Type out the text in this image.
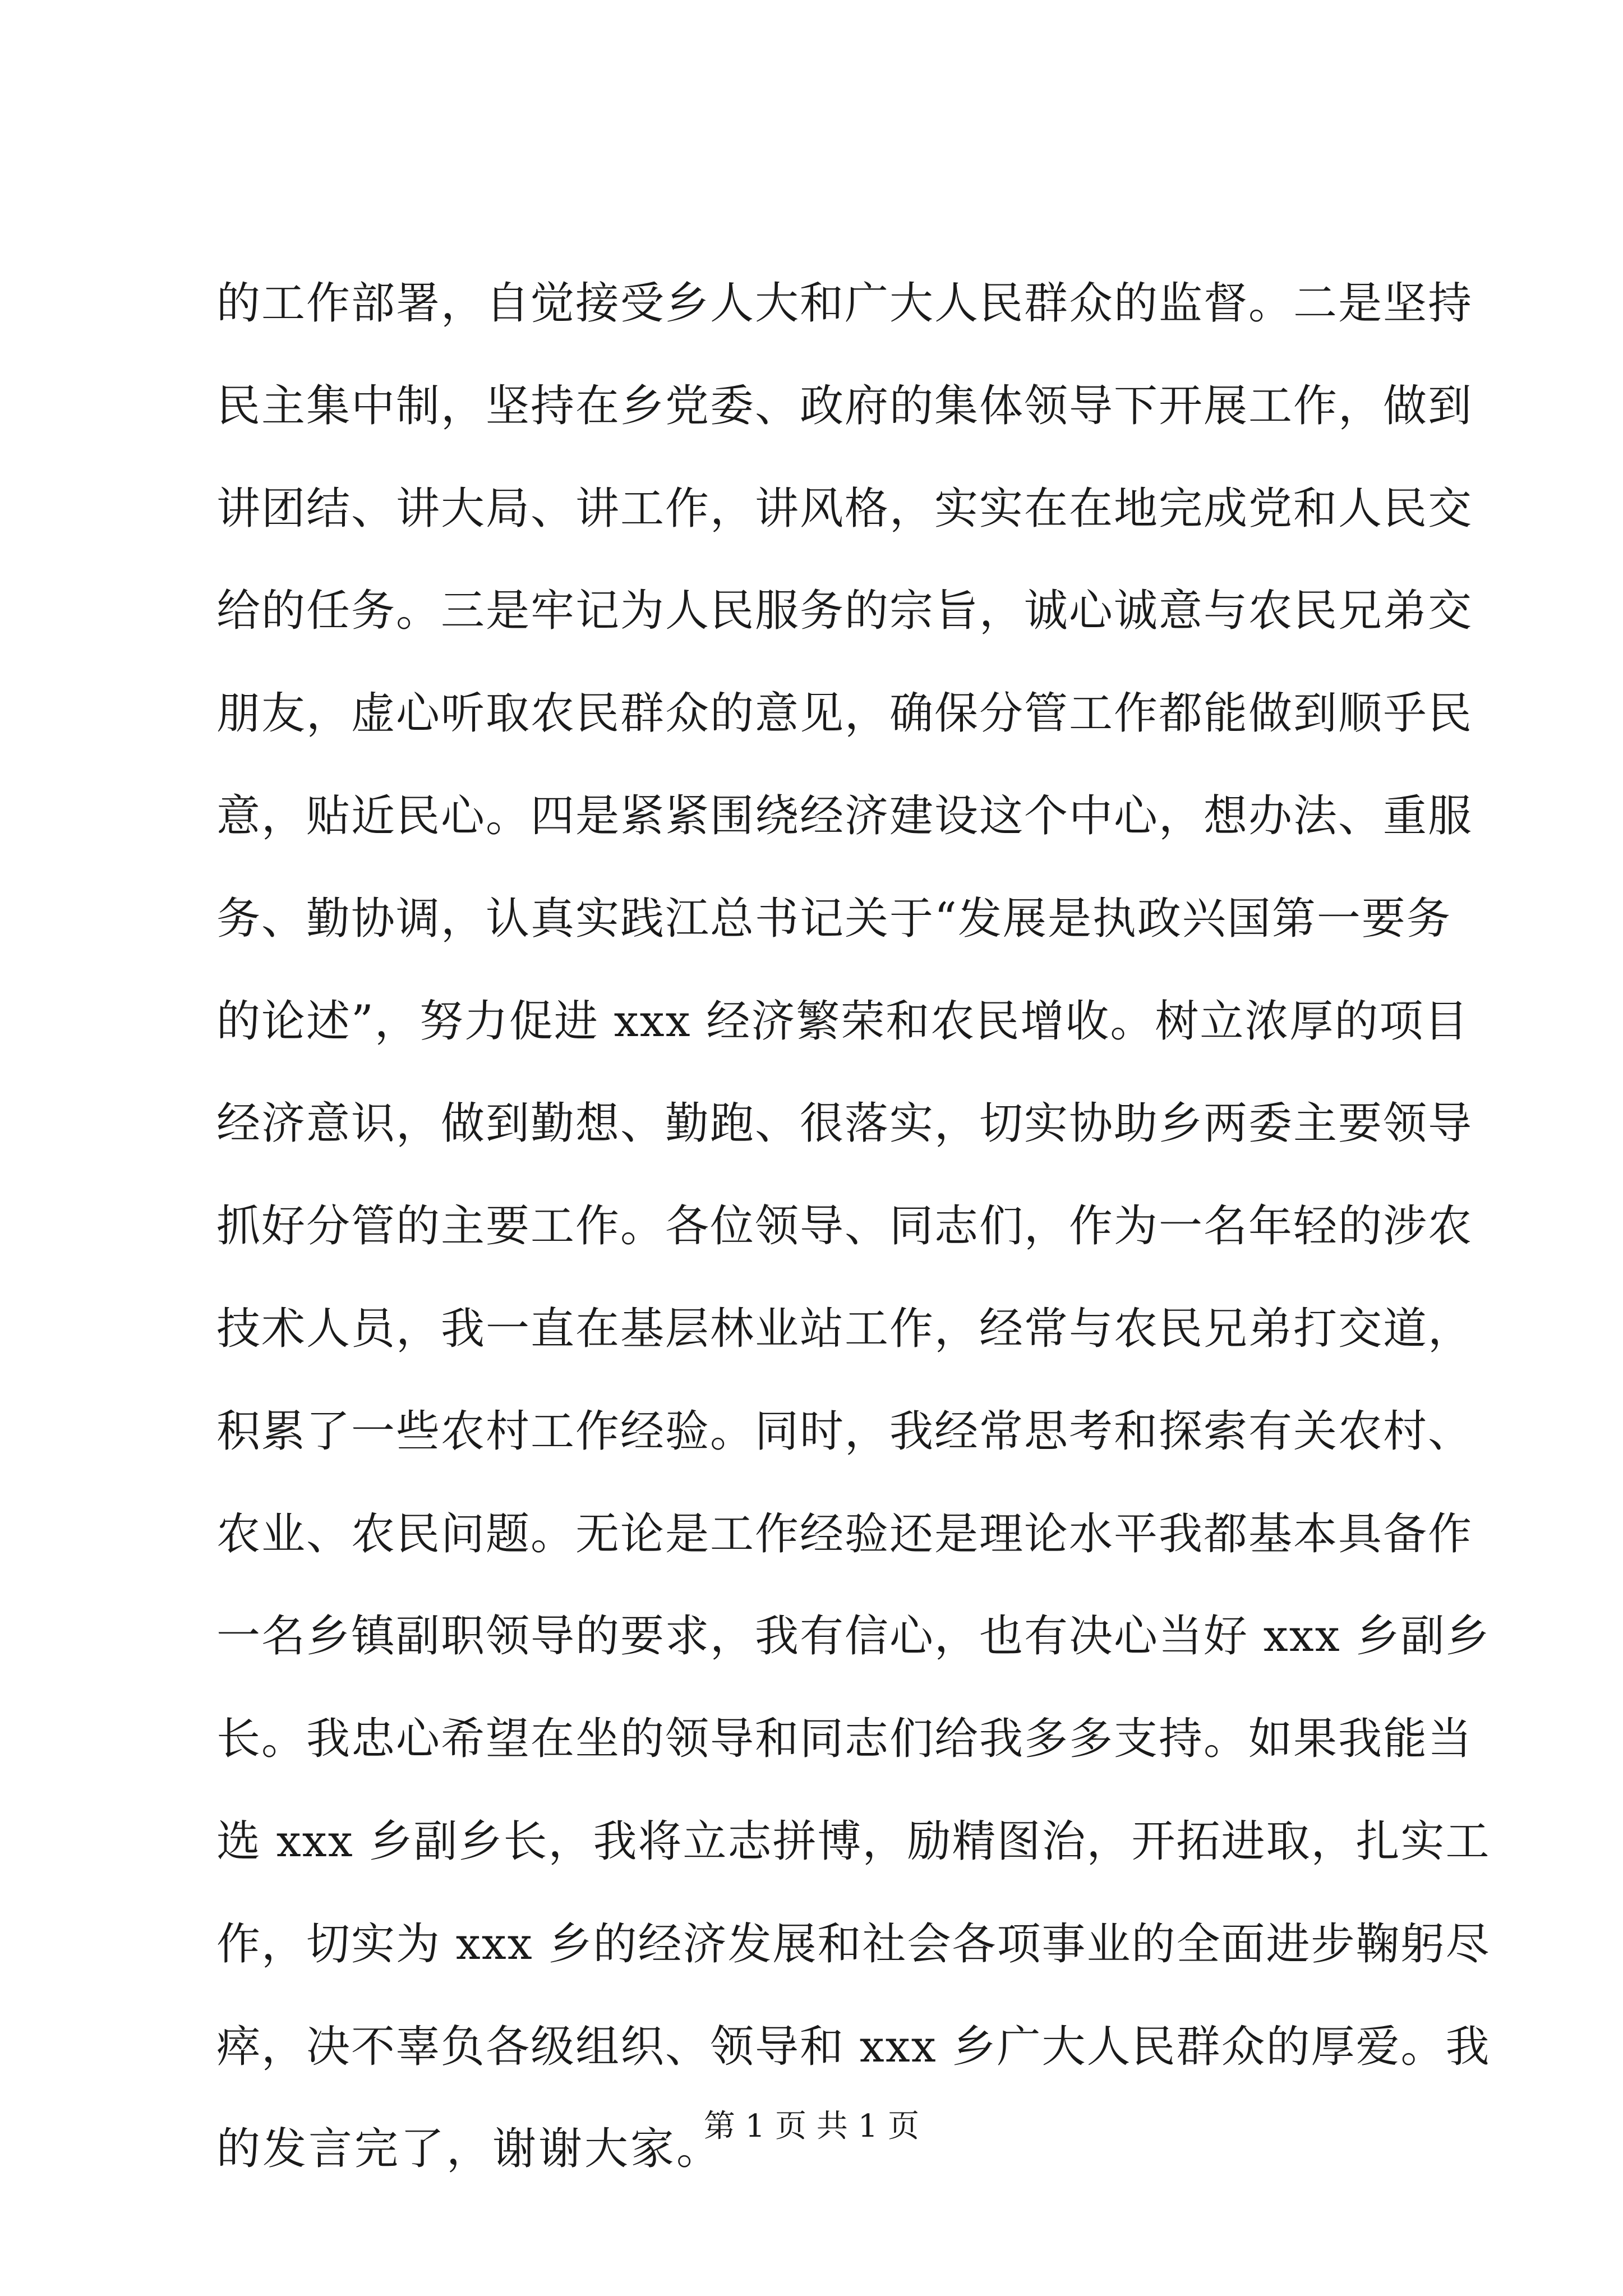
的工作部署，自觉接受乡人大和广大人民群众的监督。二是坚持
民主集中制，坚持在乡党委、政府的集体领导下开展工作，做到
讲团结、讲大局、讲工作，讲风格，实实在在地完成党和人民交
给的任务。三是牢记为人民服务的宗旨，诚心诚意与农民兄弟交
朋友，虚心听取农民群众的意见，确保分管工作都能做到顺乎民
意，贴近民心。四是紧紧围绕经济建设这个中心，想办法、重服
务、勤协调，认真实践江总书记关于“发展是执政兴国第一要务
的论述”，努力促进 xxx 经济繁荣和农民增收。树立浓厚的项目
经济意识，做到勤想、勤跑、很落实，切实协助乡两委主要领导
抓好分管的主要工作。各位领导、同志们，作为一名年轻的涉农
技术人员，我一直在基层林业站工作，经常与农民兄弟打交道，
积累了一些农村工作经验。同时，我经常思考和探索有关农村、
农业、农民问题。无论是工作经验还是理论水平我都基本具备作
一名乡镇副职领导的要求，我有信心，也有决心当好 xxx 乡副乡
长。我忠心希望在坐的领导和同志们给我多多支持。如果我能当
选 xxx 乡副乡长，我将立志拼博，励精图治，开拓进取，扎实工
作，切实为 xxx 乡的经济发展和社会各项事业的全面进步鞠躬尽
瘁，决不辜负各级组织、领导和 xxx 乡广大人民群众的厚爱。我
的发言完了，谢谢大家。
第 1 页 共 1 页
